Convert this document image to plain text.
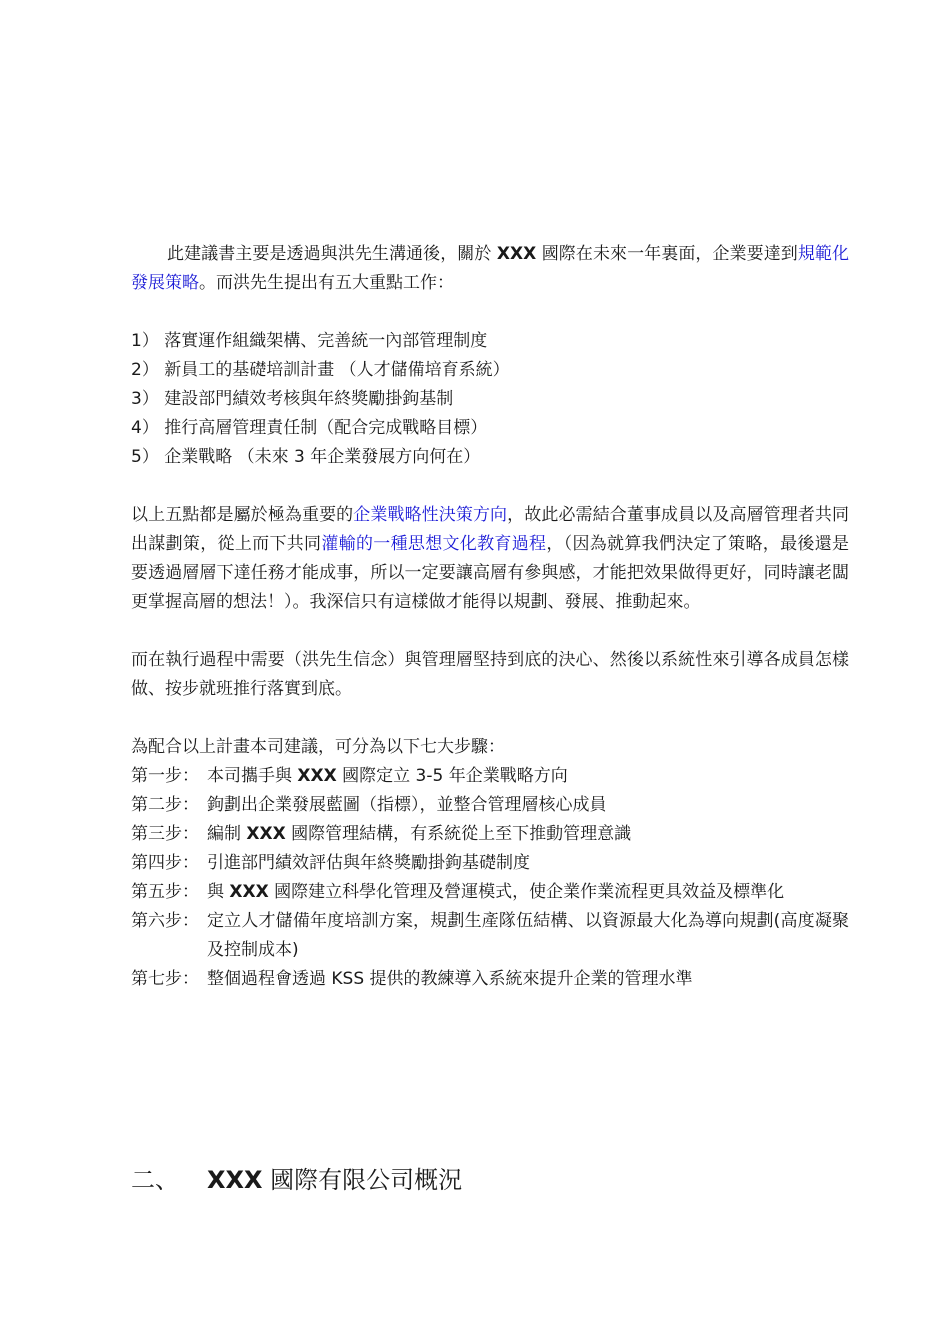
此建議書主要是透過與洪先生溝通後，關於 XXX 國際在未來一年裏面，企業要達到規範化發展策略。而洪先生提出有五大重點工作：

1） 落實運作組織架構、完善統一內部管理制度
2） 新員工的基礎培訓計畫 （人才儲備培育系統）
3） 建設部門績效考核與年終獎勵掛鉤基制
4） 推行高層管理責任制（配合完成戰略目標）
5） 企業戰略 （未來 3 年企業發展方向何在）

以上五點都是屬於極為重要的企業戰略性決策方向，故此必需結合董事成員以及高層管理者共同出謀劃策，從上而下共同灌輸的一種思想文化教育過程，（因為就算我們決定了策略，最後還是要透過層層下達任務才能成事，所以一定要讓高層有參與感，才能把效果做得更好，同時讓老闆更掌握高層的想法！）。我深信只有這樣做才能得以規劃、發展、推動起來。

而在執行過程中需要（洪先生信念）與管理層堅持到底的決心、然後以系統性來引導各成員怎樣做、按步就班推行落實到底。

為配合以上計畫本司建議，可分為以下七大步驟：

第一步： 本司攜手與 XXX 國際定立 3-5 年企業戰略方向
第二步： 鉤劃出企業發展藍圖（指標），並整合管理層核心成員
第三步： 編制 XXX 國際管理結構，有系統從上至下推動管理意識
第四步： 引進部門績效評估與年終獎勵掛鉤基礎制度
第五步： 與 XXX 國際建立科學化管理及營運模式，使企業作業流程更具效益及標準化
第六步： 定立人才儲備年度培訓方案，規劃生產隊伍結構、以資源最大化為導向規劃(高度凝聚及控制成本)
第七步： 整個過程會透過 KSS 提供的教練導入系統來提升企業的管理水準
二、 XXX 國際有限公司概況
